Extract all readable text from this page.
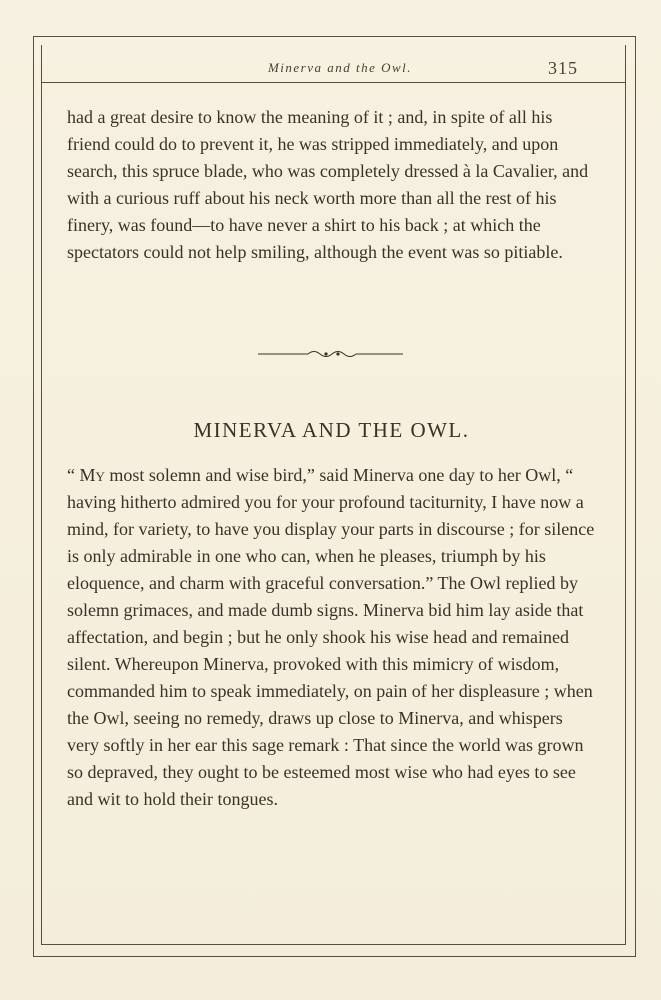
Minerva and the Owl.	315

had a great desire to know the meaning of it ; and, in spite of all his friend could do to prevent it, he was stripped immediately, and upon search, this spruce blade, who was completely dressed à la Cavalier, and with a curious ruff about his neck worth more than all the rest of his finery, was found—to have never a shirt to his back ; at which the spectators could not help smiling, although the event was so pitiable.

MINERVA AND THE OWL.

“ My most solemn and wise bird,” said Minerva one day to her Owl, “ having hitherto admired you for your profound taciturnity, I have now a mind, for variety, to have you display your parts in discourse ; for silence is only admirable in one who can, when he pleases, triumph by his eloquence, and charm with graceful conversation.” The Owl replied by solemn grimaces, and made dumb signs. Minerva bid him lay aside that affectation, and begin ; but he only shook his wise head and remained silent. Whereupon Minerva, provoked with this mimicry of wisdom, commanded him to speak immediately, on pain of her displeasure ; when the Owl, seeing no remedy, draws up close to Minerva, and whispers very softly in her ear this sage remark : That since the world was grown so depraved, they ought to be esteemed most wise who had eyes to see and wit to hold their tongues.
